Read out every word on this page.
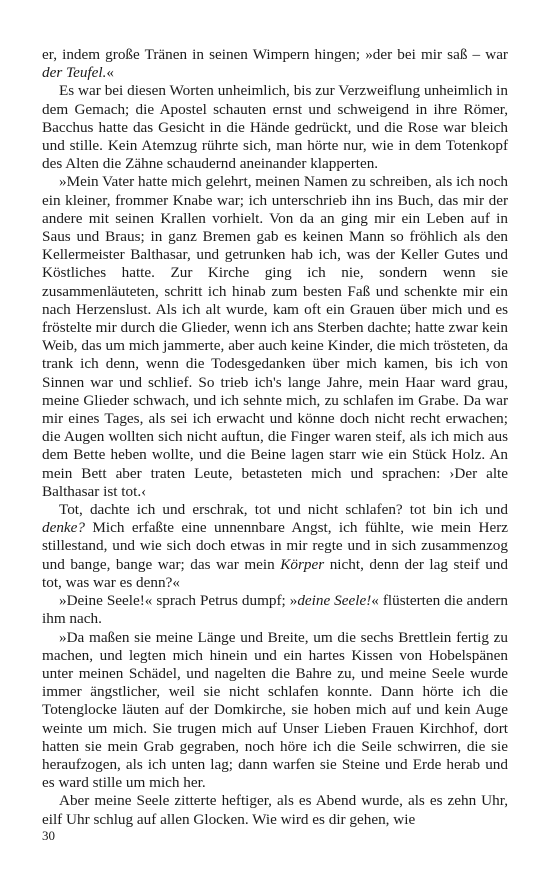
er, indem große Tränen in seinen Wimpern hingen; »der bei mir saß – war der Teufel.«

Es war bei diesen Worten unheimlich, bis zur Verzweiflung unheimlich in dem Gemach; die Apostel schauten ernst und schweigend in ihre Römer, Bacchus hatte das Gesicht in die Hände gedrückt, und die Rose war bleich und stille. Kein Atemzug rührte sich, man hörte nur, wie in dem Totenkopf des Alten die Zähne schaudernd aneinander klapperten.

»Mein Vater hatte mich gelehrt, meinen Namen zu schreiben, als ich noch ein kleiner, frommer Knabe war; ich unterschrieb ihn ins Buch, das mir der andere mit seinen Krallen vorhielt. Von da an ging mir ein Leben auf in Saus und Braus; in ganz Bremen gab es keinen Mann so fröhlich als den Kellermeister Balthasar, und getrunken hab ich, was der Keller Gutes und Köstliches hatte. Zur Kirche ging ich nie, sondern wenn sie zusammenläuteten, schritt ich hinab zum besten Faß und schenkte mir ein nach Herzenslust. Als ich alt wurde, kam oft ein Grauen über mich und es fröstelte mir durch die Glieder, wenn ich ans Sterben dachte; hatte zwar kein Weib, das um mich jammerte, aber auch keine Kinder, die mich trösteten, da trank ich denn, wenn die Todesgedanken über mich kamen, bis ich von Sinnen war und schlief. So trieb ich's lange Jahre, mein Haar ward grau, meine Glieder schwach, und ich sehnte mich, zu schlafen im Grabe. Da war mir eines Tages, als sei ich erwacht und könne doch nicht recht erwachen; die Augen wollten sich nicht auftun, die Finger waren steif, als ich mich aus dem Bette heben wollte, und die Beine lagen starr wie ein Stück Holz. An mein Bett aber traten Leute, betasteten mich und sprachen: ›Der alte Balthasar ist tot.‹

Tot, dachte ich und erschrak, tot und nicht schlafen? tot bin ich und denke? Mich erfaßte eine unnennbare Angst, ich fühlte, wie mein Herz stillestand, und wie sich doch etwas in mir regte und in sich zusammenzog und bange, bange war; das war mein Körper nicht, denn der lag steif und tot, was war es denn?«

»Deine Seele!« sprach Petrus dumpf; »deine Seele!« flüsterten die andern ihm nach.

»Da maßen sie meine Länge und Breite, um die sechs Brettlein fertig zu machen, und legten mich hinein und ein hartes Kissen von Hobelspänen unter meinen Schädel, und nagelten die Bahre zu, und meine Seele wurde immer ängstlicher, weil sie nicht schlafen konnte. Dann hörte ich die Totenglocke läuten auf der Domkirche, sie hoben mich auf und kein Auge weinte um mich. Sie trugen mich auf Unser Lieben Frauen Kirchhof, dort hatten sie mein Grab gegraben, noch höre ich die Seile schwirren, die sie heraufzogen, als ich unten lag; dann warfen sie Steine und Erde herab und es ward stille um mich her.

Aber meine Seele zitterte heftiger, als es Abend wurde, als es zehn Uhr, eilf Uhr schlug auf allen Glocken. Wie wird es dir gehen, wie

30
